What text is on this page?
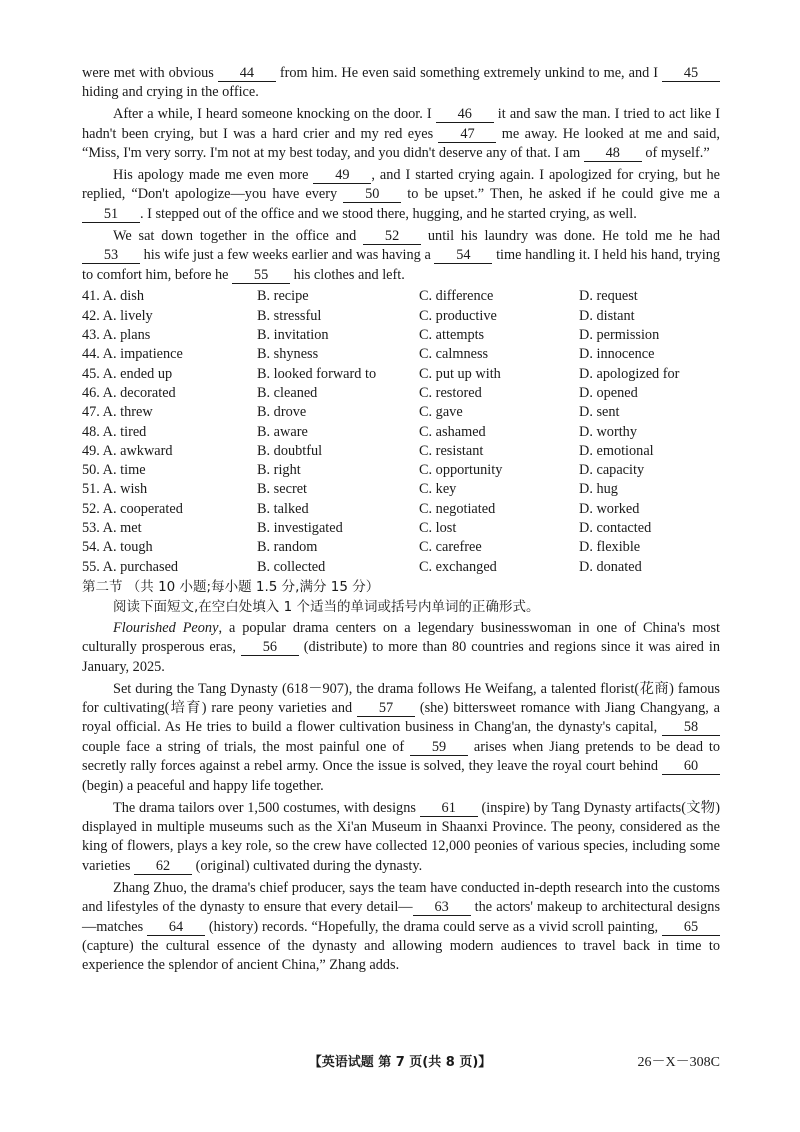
were met with obvious 44 from him. He even said something extremely unkind to me, and I 45 hiding and crying in the office.

After a while, I heard someone knocking on the door. I 46 it and saw the man. I tried to act like I hadn't been crying, but I was a hard crier and my red eyes 47 me away. He looked at me and said, “Miss, I'm very sorry. I'm not at my best today, and you didn't deserve any of that. I am 48 of myself.”

His apology made me even more 49 , and I started crying again. I apologized for crying, but he replied, “Don't apologize—you have every 50 to be upset.” Then, he asked if he could give me a 51 . I stepped out of the office and we stood there, hugging, and he started crying, as well.

We sat down together in the office and 52 until his laundry was done. He told me he had 53 his wife just a few weeks earlier and was having a 54 time handling it. I held his hand, trying to comfort him, before he 55 his clothes and left.

41. A. dish	B. recipe	C. difference	D. request
42. A. lively	B. stressful	C. productive	D. distant
43. A. plans	B. invitation	C. attempts	D. permission
44. A. impatience	B. shyness	C. calmness	D. innocence
45. A. ended up	B. looked forward to	C. put up with	D. apologized for
46. A. decorated	B. cleaned	C. restored	D. opened
47. A. threw	B. drove	C. gave	D. sent
48. A. tired	B. aware	C. ashamed	D. worthy
49. A. awkward	B. doubtful	C. resistant	D. emotional
50. A. time	B. right	C. opportunity	D. capacity
51. A. wish	B. secret	C. key	D. hug
52. A. cooperated	B. talked	C. negotiated	D. worked
53. A. met	B. investigated	C. lost	D. contacted
54. A. tough	B. random	C. carefree	D. flexible
55. A. purchased	B. collected	C. exchanged	D. donated
第二节 （共 10 小题;每小题 1.5 分,满分 15 分）
阅读下面短文,在空白处填入 1 个适当的单词或括号内单词的正确形式。

Flourished Peony, a popular drama centers on a legendary businesswoman in one of China's most culturally prosperous eras, 56 (distribute) to more than 80 countries and regions since it was aired in January, 2025.

Set during the Tang Dynasty (618－907), the drama follows He Weifang, a talented florist(花商) famous for cultivating(培育) rare peony varieties and 57 (she) bittersweet romance with Jiang Changyang, a royal official. As He tries to build a flower cultivation business in Chang'an, the dynasty's capital, 58 couple face a string of trials, the most painful one of 59 arises when Jiang pretends to be dead to secretly rally forces against a rebel army. Once the issue is solved, they leave the royal court behind 60 (begin) a peaceful and happy life together.

The drama tailors over 1,500 costumes, with designs 61 (inspire) by Tang Dynasty artifacts(文物) displayed in multiple museums such as the Xi'an Museum in Shaanxi Province. The peony, considered as the king of flowers, plays a key role, so the crew have collected 12,000 peonies of various species, including some varieties 62 (original) cultivated during the dynasty.

Zhang Zhuo, the drama's chief producer, says the team have conducted in-depth research into the customs and lifestyles of the dynasty to ensure that every detail— 63 the actors' makeup to architectural designs—matches 64 (history) records. “Hopefully, the drama could serve as a vivid scroll painting, 65 (capture) the cultural essence of the dynasty and allowing modern audiences to travel back in time to experience the splendor of ancient China,” Zhang adds.

【英语试题 第 7 页(共 8 页)】	26－X－308C
